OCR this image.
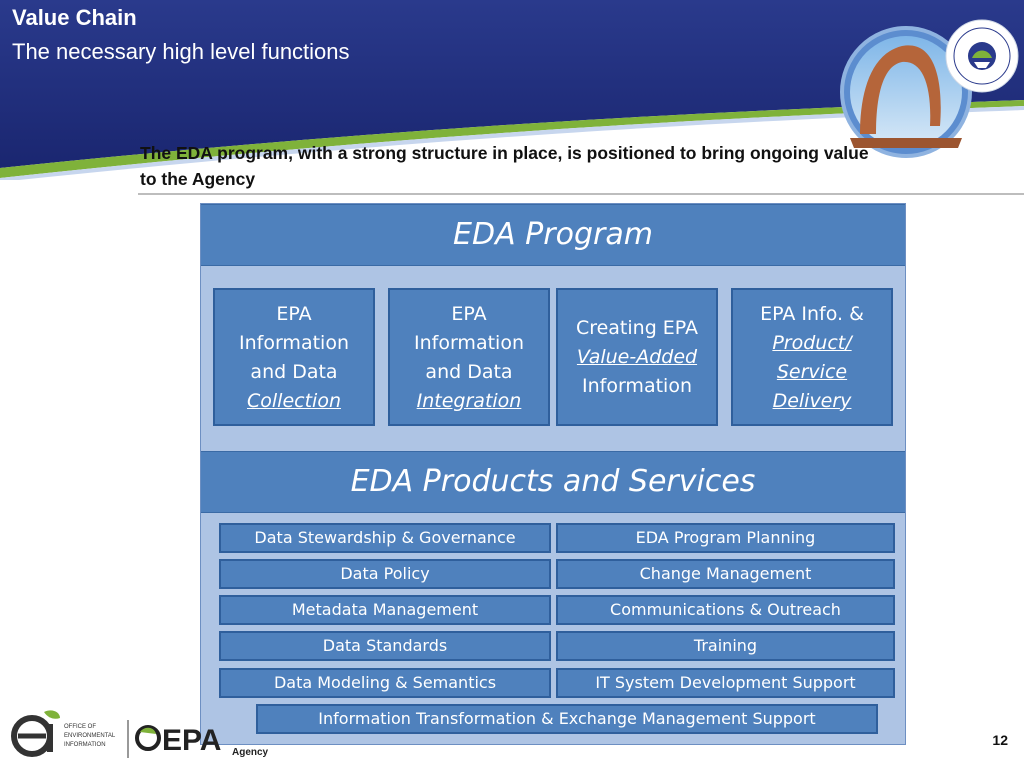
Value Chain
The necessary high level functions
The EDA program, with a strong structure in place, is positioned to bring ongoing value to the Agency
EDA Program
EPA
Information
and Data
Collection
EPA
Information
and Data
Integration
Creating EPA
Value-Added
Information
EPA Info. &
Product/
Service
Delivery
EDA Products and Services
Data Stewardship & Governance
Data Policy
Metadata Management
Data Standards
Data Modeling & Semantics
EDA Program Planning
Change Management
Communications & Outreach
Training
IT System Development Support
Information Transformation & Exchange Management Support
OFFICE OF
ENVIRONMENTAL
INFORMATION EPA Agency
12
